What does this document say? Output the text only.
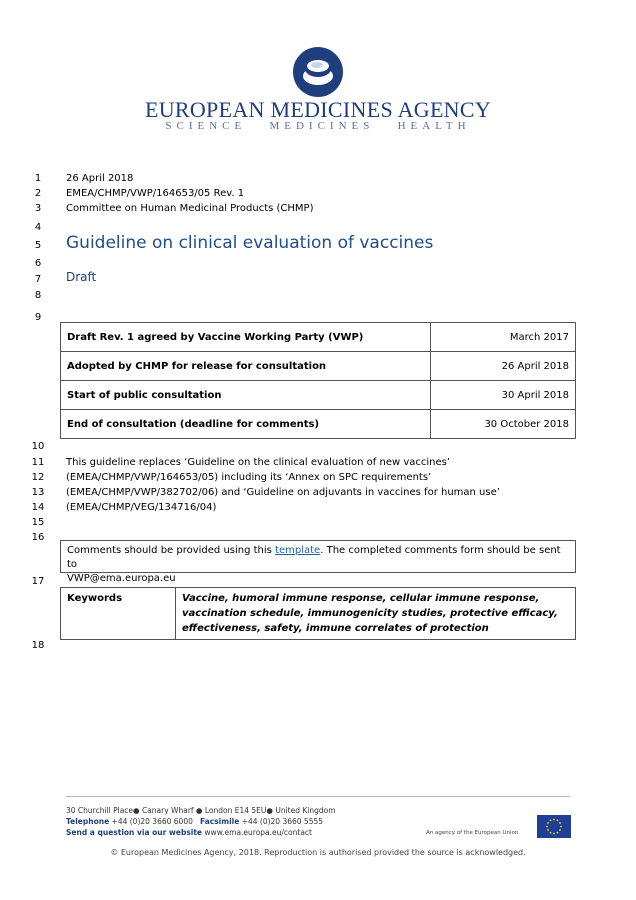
EUROPEAN MEDICINES AGENCY
SCIENCE   MEDICINES   HEALTH
1
2
3
4
5
6
7
8
9
10
11
12
13
14
15
16
17
18
26 April 2018
EMEA/CHMP/VWP/164653/05 Rev. 1
Committee on Human Medicinal Products (CHMP)
Guideline on clinical evaluation of vaccines
Draft
Draft Rev. 1 agreed by Vaccine Working Party (VWP)	March 2017
Adopted by CHMP for release for consultation	26 April 2018
Start of public consultation	30 April 2018
End of consultation (deadline for comments)	30 October 2018
This guideline replaces ‘Guideline on the clinical evaluation of new vaccines’
(EMEA/CHMP/VWP/164653/05) including its ‘Annex on SPC requirements’
(EMEA/CHMP/VWP/382702/06) and ‘Guideline on adjuvants in vaccines for human use’
(EMEA/CHMP/VEG/134716/04)
Comments should be provided using this template. The completed comments form should be sent to
VWP@ema.europa.eu
Keywords	Vaccine, humoral immune response, cellular immune response,
vaccination schedule, immunogenicity studies, protective efficacy,
effectiveness, safety, immune correlates of protection
30 Churchill Place● Canary Wharf ● London E14 5EU● United Kingdom
Telephone +44 (0)20 3660 6000 Facsimile +44 (0)20 3660 5555
Send a question via our website www.ema.europa.eu/contact	An agency of the European Union
© European Medicines Agency, 2018. Reproduction is authorised provided the source is acknowledged.
